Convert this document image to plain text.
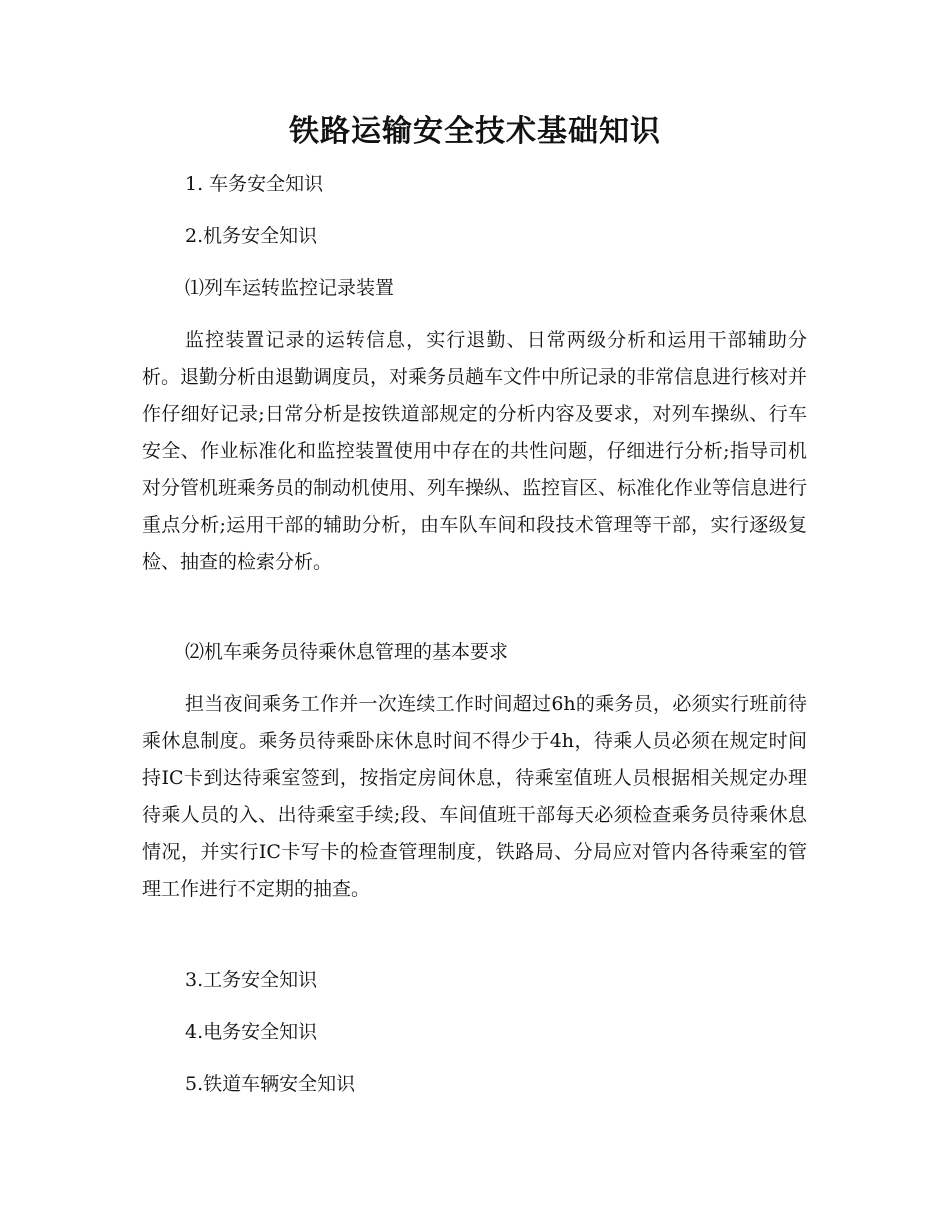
铁路运输安全技术基础知识
1. 车务安全知识
2.机务安全知识
⑴列车运转监控记录装置

监控装置记录的运转信息，实行退勤、日常两级分析和运用干部辅助分析。退勤分析由退勤调度员，对乘务员趟车文件中所记录的非常信息进行核对并作仔细好记录;日常分析是按铁道部规定的分析内容及要求，对列车操纵、行车安全、作业标准化和监控装置使用中存在的共性问题，仔细进行分析;指导司机对分管机班乘务员的制动机使用、列车操纵、监控盲区、标准化作业等信息进行重点分析;运用干部的辅助分析，由车队车间和段技术管理等干部，实行逐级复检、抽查的检索分析。

⑵机车乘务员待乘休息管理的基本要求

担当夜间乘务工作并一次连续工作时间超过6h的乘务员，必须实行班前待乘休息制度。乘务员待乘卧床休息时间不得少于4h，待乘人员必须在规定时间持IC卡到达待乘室签到，按指定房间休息，待乘室值班人员根据相关规定办理待乘人员的入、出待乘室手续;段、车间值班干部每天必须检查乘务员待乘休息情况，并实行IC卡写卡的检查管理制度，铁路局、分局应对管内各待乘室的管理工作进行不定期的抽查。

3.工务安全知识
4.电务安全知识
5.铁道车辆安全知识
